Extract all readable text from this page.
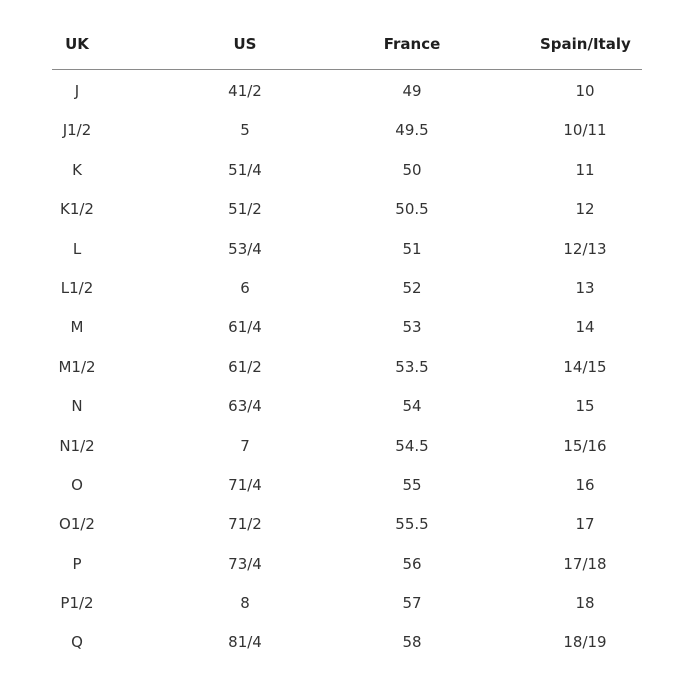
UK	US	France	Spain/Italy
J	41/2	49	10
J1/2	5	49.5	10/11
K	51/4	50	11
K1/2	51/2	50.5	12
L	53/4	51	12/13
L1/2	6	52	13
M	61/4	53	14
M1/2	61/2	53.5	14/15
N	63/4	54	15
N1/2	7	54.5	15/16
O	71/4	55	16
O1/2	71/2	55.5	17
P	73/4	56	17/18
P1/2	8	57	18
Q	81/4	58	18/19
